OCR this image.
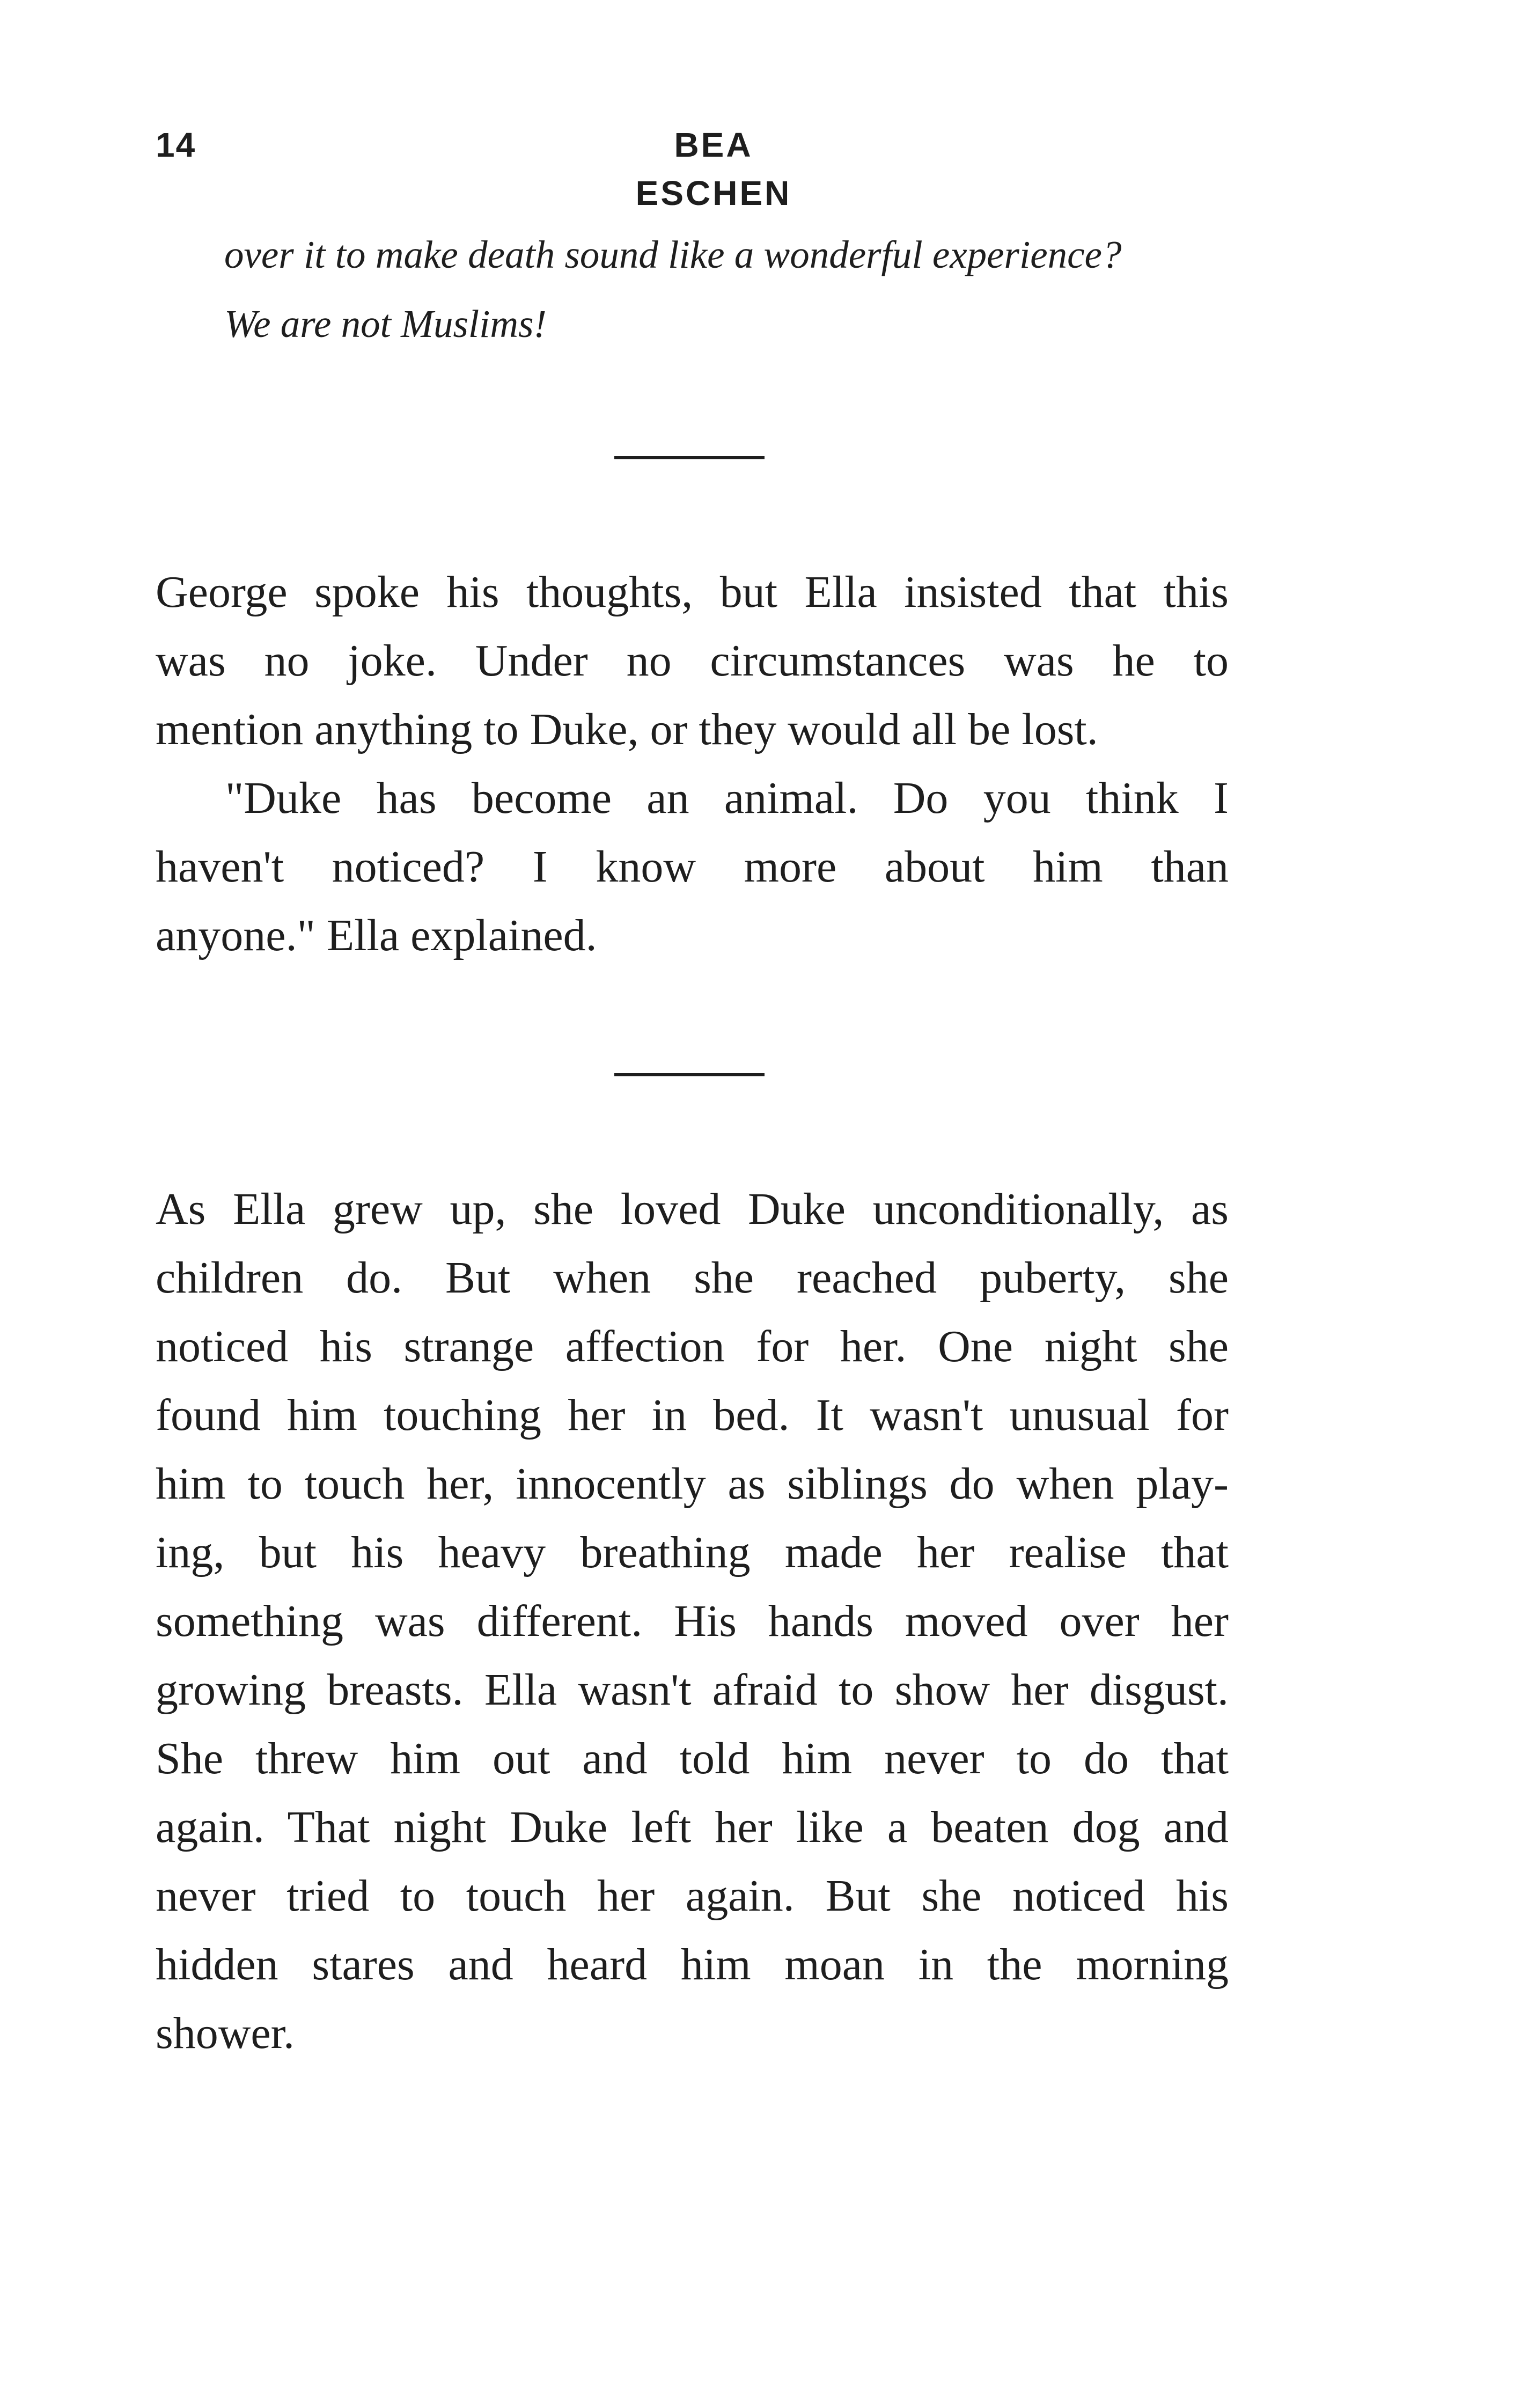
14	BEA ESCHEN
over it to make death sound like a wonderful experience?
We are not Muslims!
George spoke his thoughts, but Ella insisted that this
was no joke. Under no circumstances was he to
mention anything to Duke, or they would all be lost.
"Duke has become an animal. Do you think I
haven't noticed? I know more about him than
anyone." Ella explained.
As Ella grew up, she loved Duke unconditionally, as
children do. But when she reached puberty, she
noticed his strange affection for her. One night she
found him touching her in bed. It wasn't unusual for
him to touch her, innocently as siblings do when play-
ing, but his heavy breathing made her realise that
something was different. His hands moved over her
growing breasts. Ella wasn't afraid to show her disgust.
She threw him out and told him never to do that
again. That night Duke left her like a beaten dog and
never tried to touch her again. But she noticed his
hidden stares and heard him moan in the morning
shower.
